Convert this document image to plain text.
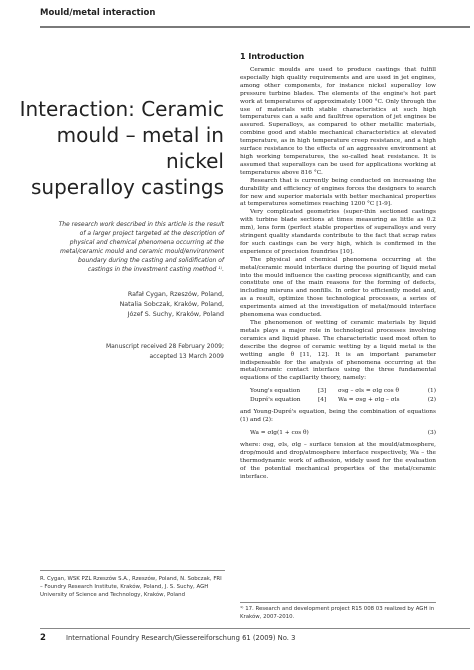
Mould/metal interaction
Interaction: Ceramic
mould – metal in nickel
superalloy castings

The research work described in this article is the result
of a larger project targeted at the description of
physical and chemical phenomena occurring at the
metal/ceramic mould and ceramic mould/environment
boundary during the casting and solidification of
castings in the investment casting method ¹⁾.

Rafał Cygan, Rzeszów, Poland,
Natalia Sobczak, Kraków, Poland,
Józef S. Suchy, Kraków, Poland
Manuscript received 28 February 2009;
accepted 13 March 2009
R. Cygan, WSK PZL Rzeszów S.A., Rzeszów, Poland, N. Sobczak, FRI – Foundry Research Institute, Kraków, Poland, J. S. Suchy, AGH University of Science and Technology, Kraków, Poland
1 Introduction

Ceramic moulds are used to produce castings that fulfill especially high quality requirements and are used in jet engines, among other components, for instance nickel superalloy low pressure turbine blades. The elements of the engine's hot part work at temperatures of approximately 1000 °C. Only through the use of materials with stable characteristics at such high temperatures can a safe and faultfree operation of jet engines be assured. Superalloys, as compared to other metallic materials, combine good and stable mechanical characteristics at elevated temperature, as in high temperature creep resistance, and a high surface resistance to the effects of an aggressive environment at high working temperatures, the so-called heat resistance. It is assumed that superalloys can be used for applications working at temperatures above 816 °C.

Research that is currently being conducted on increasing the durability and efficiency of engines forces the designers to search for new and superior materials with better mechanical properties at temperatures sometimes reaching 1200 °C [1-9].

Very complicated geometries (super-thin sectioned castings with turbine blade sections at times measuring as little as 0.2 mm), lens form (perfect stable properties of superalloys and very stringent quality standards contribute to the fact that scrap rates for such castings can be very high, which is confirmed in the experience of precision foundries [10].

The physical and chemical phenomena occurring at the metal/ceramic mould interface during the pouring of liquid metal into the mould influence the casting process significantly, and can constitute one of the main reasons for the forming of defects, including misruns and nonfills. In order to efficiently model and, as a result, optimize those technological processes, a series of experiments aimed at the investigation of metal/mould interface phenomena was conducted.

The phenomenon of wetting of ceramic materials by liquid metals plays a major role in technological processes involving ceramics and liquid phase. The characteristic used most often to describe the degree of ceramic wetting by a liquid metal is the wetting angle θ [11, 12]. It is an important parameter indispensable for the analysis of phenomena occurring at the metal/ceramic contact interface using the three fundamental equations of the capillarity theory, namely:

Young's equation	[3]	σsg – σls = σlg cos θ	(1)
Dupré's equation	[4]	Wa = σsg + σlg – σls	(2)

and Young-Dupré's equation, being the combination of equations (1) and (2):

Wa = σlg(1 + cos θ)	(3)

where: σsg, σls, σlg – surface tension at the mould/atmosphere, drop/mould and drop/atmosphere interface respectively, Wa – the thermodynamic work of adhesion, widely used for the evaluation of the potential mechanical properties of the metal/ceramic interface.

¹⁾ 17. Research and development project R15 008 03 realized by AGH in Kraków, 2007-2010.
2	International Foundry Research/Giessereiforschung 61 (2009) No. 3
